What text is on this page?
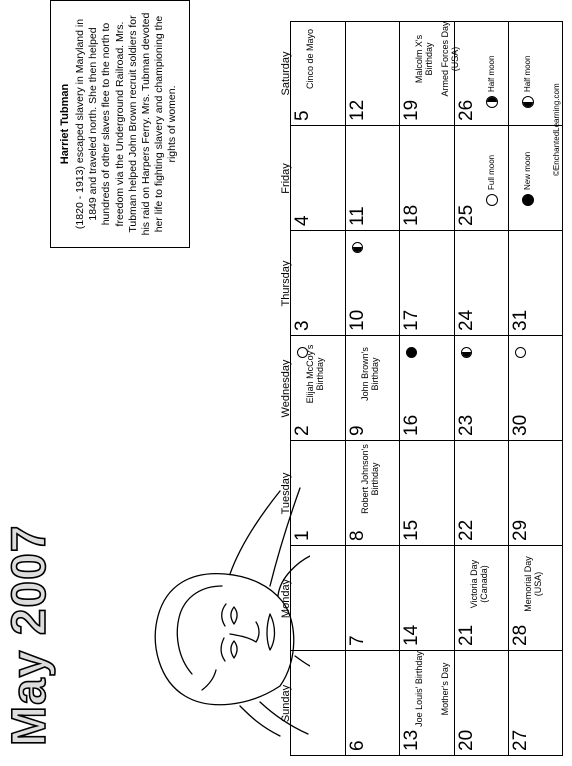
©EnchantedLearning.com
May 2007
Harriet Tubman (1820 - 1913) escaped slavery in Maryland in 1849 and traveled north. She then helped hundreds of other slaves flee to the north to freedom via the Underground Railroad. Mrs. Tubman helped John Brown recruit soldiers for his raid on Harpers Ferry. Mrs. Tubman devoted her life to fighting slavery and championing the rights of women.
Sunday
Monday
Tuesday
Wednesday
Thursday
Friday
Saturday
1
2
Elijah McCoy's Birthday
3
4
5
Cinco de Mayo
6
7
8
Robert Johnson's Birthday
9
John Brown's Birthday
10
11
12
13
Joe Louis' Birthday Mother's Day
14
15
16
17
18
19
Malcolm X's Birthday Armed Forces Day (USA)
20
21
Victoria Day (Canada)
22
23
24
25
26
27
28
Memorial Day (USA)
29
30
31
Full moon	New moon
Half moon	Half moon
